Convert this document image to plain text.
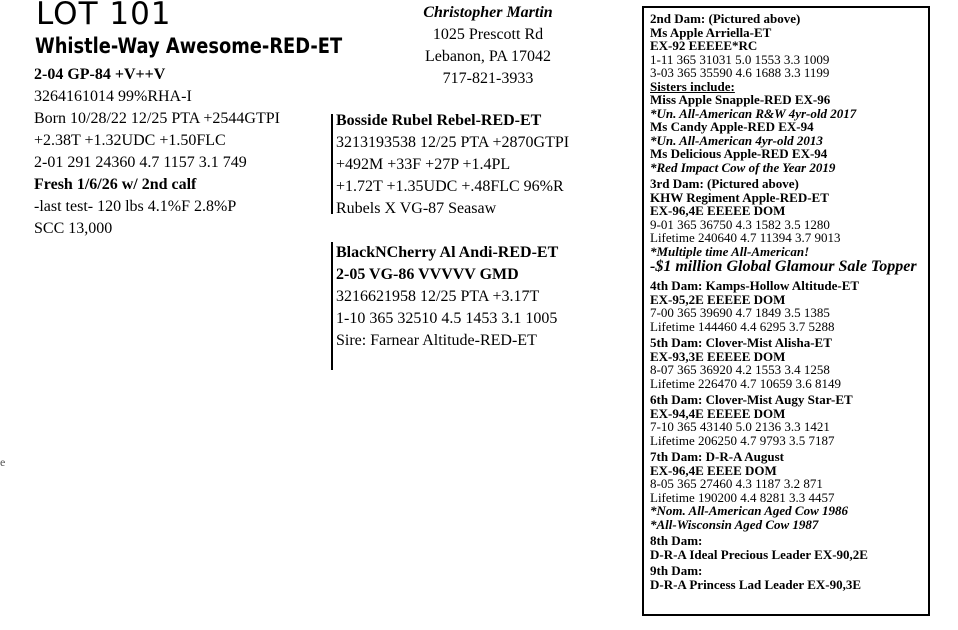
LOT 101
Whistle-Way Awesome-RED-ET
2-04 GP-84 +V++V
3264161014 99%RHA-I
Born 10/28/22 12/25 PTA +2544GTPI
+2.38T +1.32UDC +1.50FLC
2-01 291 24360 4.7 1157 3.1 749
Fresh 1/6/26 w/ 2nd calf
-last test- 120 lbs 4.1%F 2.8%P
SCC 13,000
Christopher Martin
1025 Prescott Rd
Lebanon, PA 17042
717-821-3933
Bosside Rubel Rebel-RED-ET
3213193538 12/25 PTA +2870GTPI
+492M +33F +27P +1.4PL
+1.72T +1.35UDC +.48FLC 96%R
Rubels X VG-87 Seasaw
BlackNCherry Al Andi-RED-ET
2-05 VG-86 VVVVV GMD
3216621958 12/25 PTA +3.17T
1-10 365 32510 4.5 1453 3.1 1005
Sire: Farnear Altitude-RED-ET
2nd Dam: (Pictured above)
Ms Apple Arriella-ET
EX-92 EEEEE*RC
1-11 365 31031 5.0 1553 3.3 1009
3-03 365 35590 4.6 1688 3.3 1199
Sisters include:
Miss Apple Snapple-RED EX-96
*Un. All-American R&W 4yr-old 2017
Ms Candy Apple-RED EX-94
*Un. All-American 4yr-old 2013
Ms Delicious Apple-RED EX-94
*Red Impact Cow of the Year 2019
3rd Dam: (Pictured above)
KHW Regiment Apple-RED-ET
EX-96,4E EEEEE DOM
9-01 365 36750 4.3 1582 3.5 1280
Lifetime 240640 4.7 11394 3.7 9013
*Multiple time All-American!
-$1 million Global Glamour Sale Topper
4th Dam: Kamps-Hollow Altitude-ET
EX-95,2E EEEEE DOM
7-00 365 39690 4.7 1849 3.5 1385
Lifetime 144460 4.4 6295 3.7 5288
5th Dam: Clover-Mist Alisha-ET
EX-93,3E EEEEE DOM
8-07 365 36920 4.2 1553 3.4 1258
Lifetime 226470 4.7 10659 3.6 8149
6th Dam: Clover-Mist Augy Star-ET
EX-94,4E EEEEE DOM
7-10 365 43140 5.0 2136 3.3 1421
Lifetime 206250 4.7 9793 3.5 7187
7th Dam: D-R-A August
EX-96,4E EEEE DOM
8-05 365 27460 4.3 1187 3.2 871
Lifetime 190200 4.4 8281 3.3 4457
*Nom. All-American Aged Cow 1986
*All-Wisconsin Aged Cow 1987
8th Dam:
D-R-A Ideal Precious Leader EX-90,2E
9th Dam:
D-R-A Princess Lad Leader EX-90,3E
e
